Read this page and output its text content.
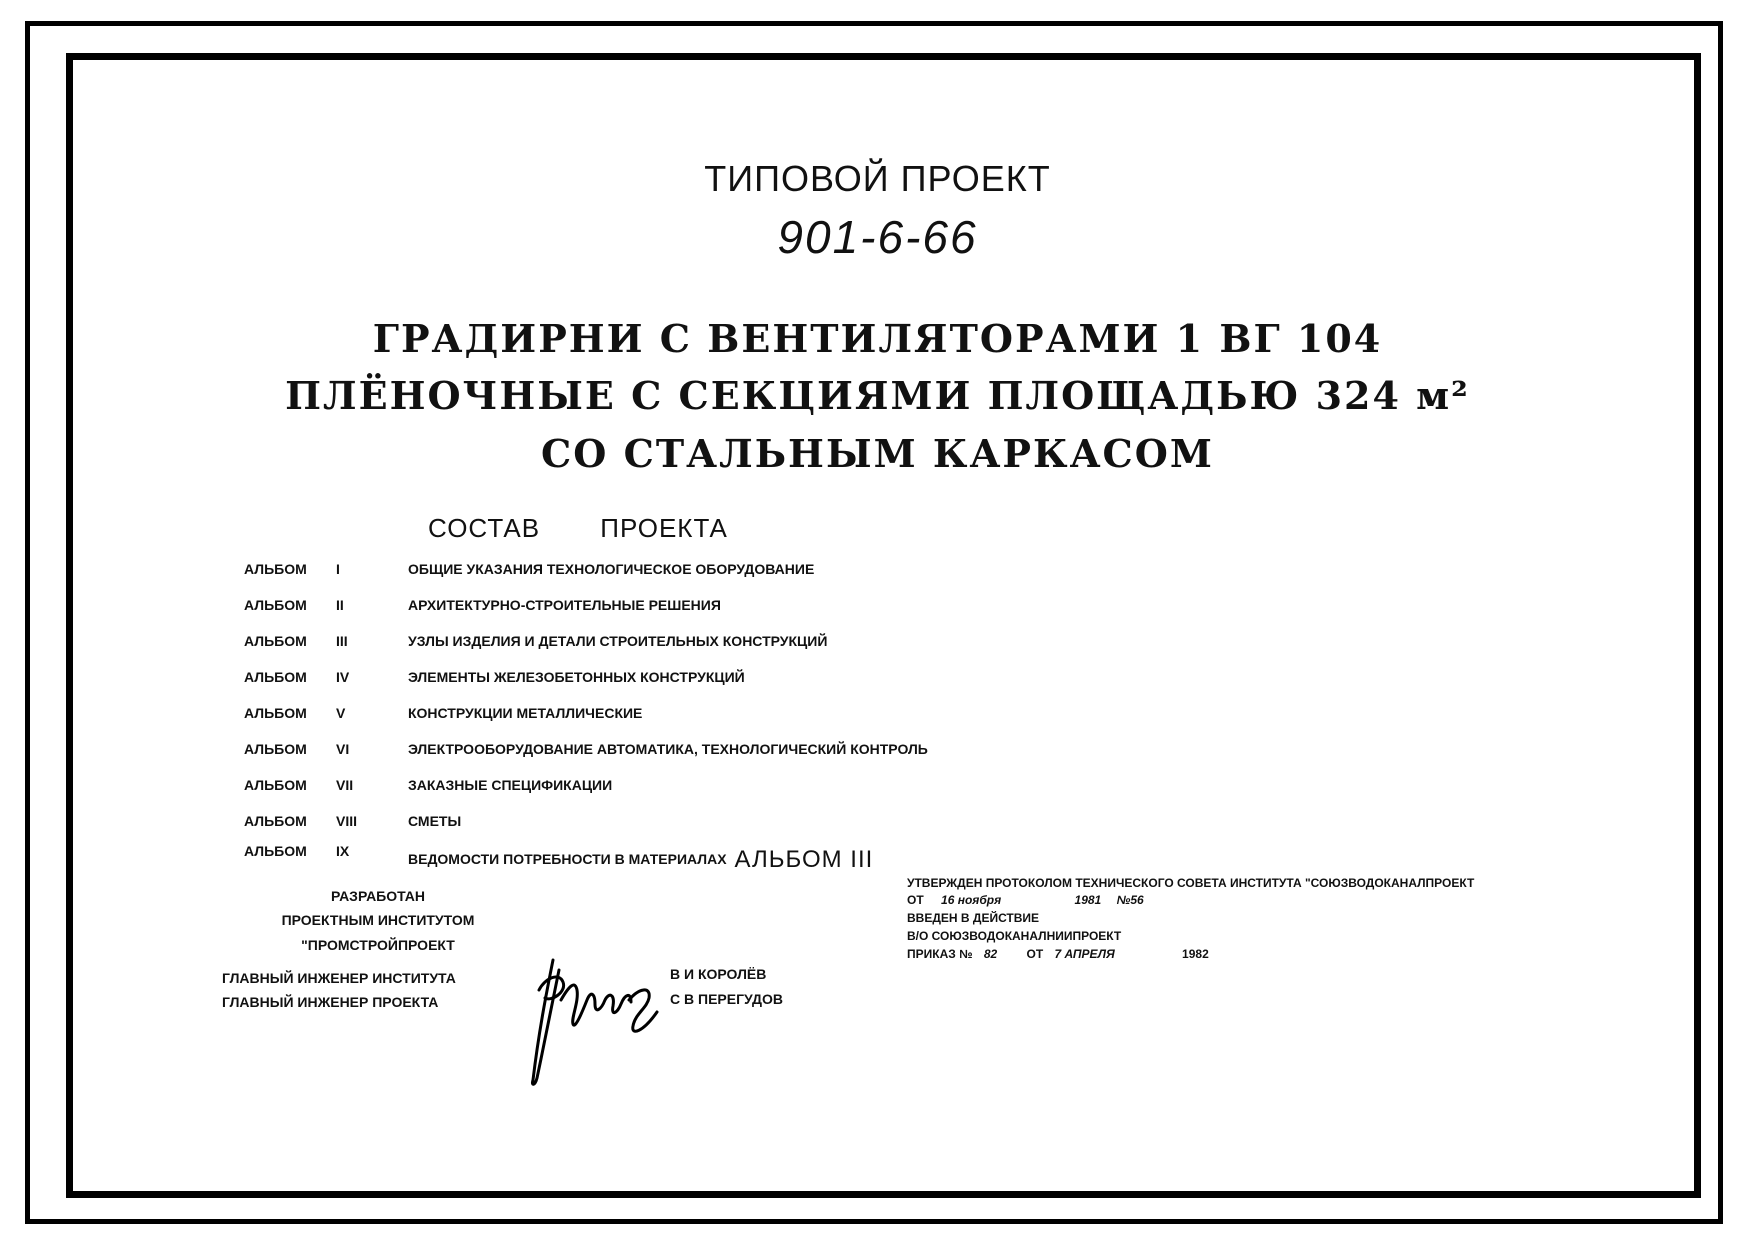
ТИПОВОЙ ПРОЕКТ
901-6-66
ГРАДИРНИ С ВЕНТИЛЯТОРАМИ 1 ВГ 104
ПЛЁНОЧНЫЕ С СЕКЦИЯМИ ПЛОЩАДЬЮ 324 м²
СО СТАЛЬНЫМ КАРКАСОМ
СОСТАВ ПРОЕКТА
АЛЬБОМ I	ОБЩИЕ УКАЗАНИЯ ТЕХНОЛОГИЧЕСКОЕ ОБОРУДОВАНИЕ
АЛЬБОМ II	АРХИТЕКТУРНО-СТРОИТЕЛЬНЫЕ РЕШЕНИЯ
АЛЬБОМ III	УЗЛЫ ИЗДЕЛИЯ И ДЕТАЛИ СТРОИТЕЛЬНЫХ КОНСТРУКЦИЙ
АЛЬБОМ IV	ЭЛЕМЕНТЫ ЖЕЛЕЗОБЕТОННЫХ КОНСТРУКЦИЙ
АЛЬБОМ V	КОНСТРУКЦИИ МЕТАЛЛИЧЕСКИЕ
АЛЬБОМ VI	ЭЛЕКТРООБОРУДОВАНИЕ АВТОМАТИКА, ТЕХНОЛОГИЧЕСКИЙ КОНТРОЛЬ
АЛЬБОМ VII	ЗАКАЗНЫЕ СПЕЦИФИКАЦИИ
АЛЬБОМ VIII	СМЕТЫ
АЛЬБОМ IX	ВЕДОМОСТИ ПОТРЕБНОСТИ В МАТЕРИАЛАХ АЛЬБОМ III
РАЗРАБОТАН
ПРОЕКТНЫМ ИНСТИТУТОМ
"ПРОМСТРОЙПРОЕКТ
ГЛАВНЫЙ ИНЖЕНЕР ИНСТИТУТА
ГЛАВНЫЙ ИНЖЕНЕР ПРОЕКТА
В И КОРОЛЁВ
С В ПЕРЕГУДОВ
УТВЕРЖДЕН ПРОТОКОЛОМ ТЕХНИЧЕСКОГО СОВЕТА ИНСТИТУТА "СОЮЗВОДОКАНАЛПРОЕКТ
ОТ 16 ноября	1981 №56
ВВЕДЕН В ДЕЙСТВИЕ
В/О СОЮЗВОДОКАНАЛНИИПРОЕКТ
ПРИКАЗ № 82 ОТ 7 АПРЕЛЯ	1982
